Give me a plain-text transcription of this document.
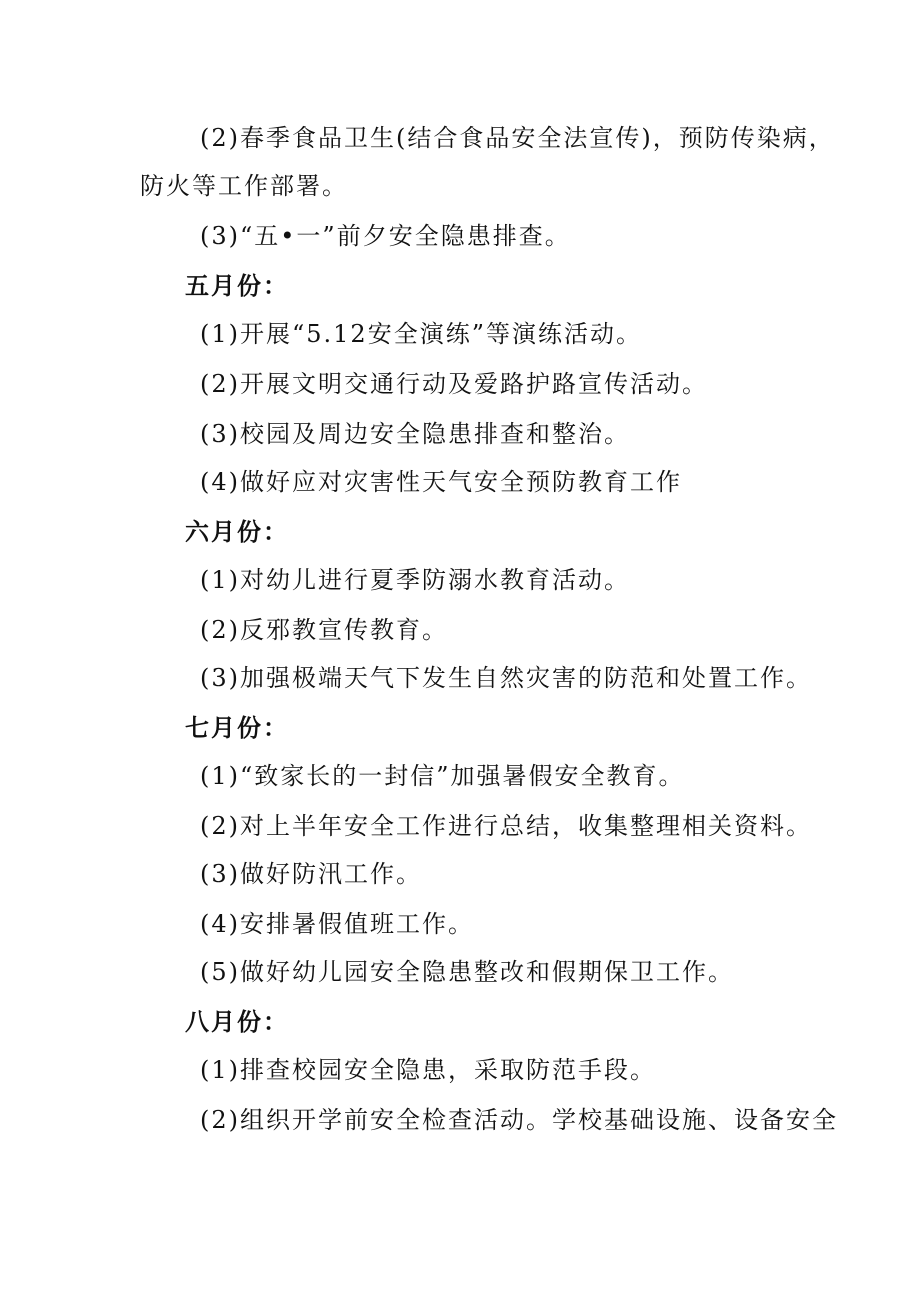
(2)春季食品卫生(结合食品安全法宣传)，预防传染病，
防火等工作部署。
(3)“五•一”前夕安全隐患排查。
五月份：
(1)开展“5.12安全演练”等演练活动。
(2)开展文明交通行动及爱路护路宣传活动。
(3)校园及周边安全隐患排查和整治。
(4)做好应对灾害性天气安全预防教育工作
六月份：
(1)对幼儿进行夏季防溺水教育活动。
(2)反邪教宣传教育。
(3)加强极端天气下发生自然灾害的防范和处置工作。
七月份：
(1)“致家长的一封信”加强暑假安全教育。
(2)对上半年安全工作进行总结，收集整理相关资料。
(3)做好防汛工作。
(4)安排暑假值班工作。
(5)做好幼儿园安全隐患整改和假期保卫工作。
八月份：
(1)排查校园安全隐患，采取防范手段。
(2)组织开学前安全检查活动。学校基础设施、设备安全
